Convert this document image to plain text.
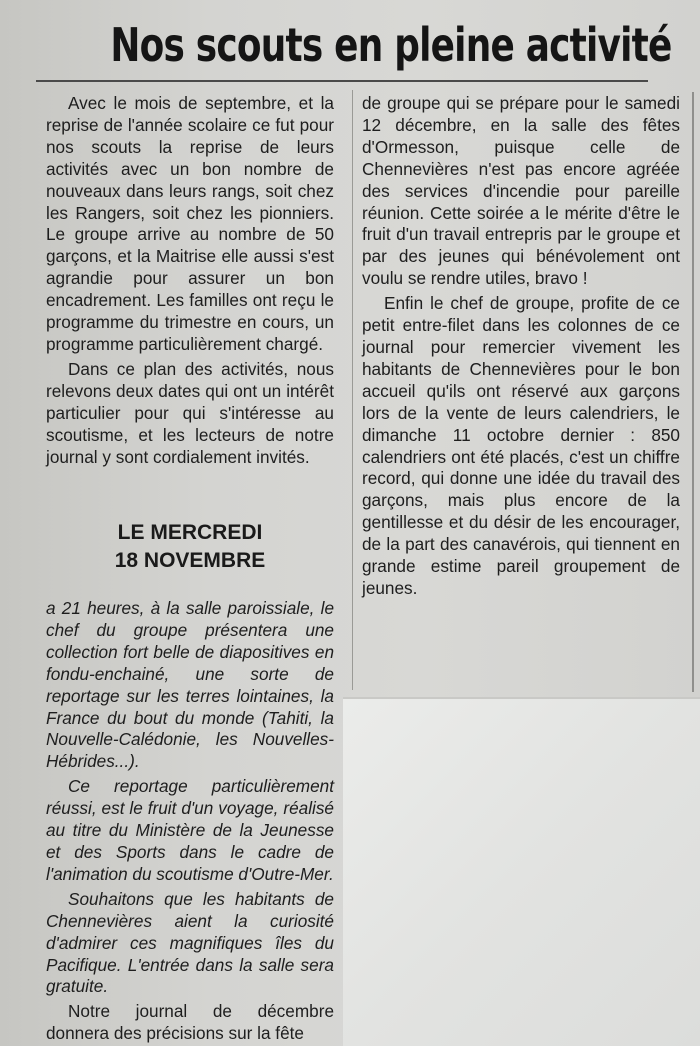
Nos scouts en pleine activité

Avec le mois de septembre, et la reprise de l'année scolaire ce fut pour nos scouts la reprise de leurs activités avec un bon nombre de nouveaux dans leurs rangs, soit chez les Rangers, soit chez les pionniers. Le groupe arrive au nombre de 50 garçons, et la Maitrise elle aussi s'est agrandie pour assurer un bon encadrement. Les familles ont reçu le programme du trimestre en cours, un programme particulièrement chargé.

Dans ce plan des activités, nous relevons deux dates qui ont un intérêt particulier pour qui s'intéresse au scoutisme, et les lecteurs de notre journal y sont cordialement invités.

LE MERCREDI
18 NOVEMBRE

a 21 heures, à la salle paroissiale, le chef du groupe présentera une collection fort belle de diapositives en fondu-enchainé, une sorte de reportage sur les terres lointaines, la France du bout du monde (Tahiti, la Nouvelle-Calédonie, les Nouvelles-Hébrides...).

Ce reportage particulièrement réussi, est le fruit d'un voyage, réalisé au titre du Ministère de la Jeunesse et des Sports dans le cadre de l'animation du scoutisme d'Outre-Mer.

Souhaitons que les habitants de Chennevières aient la curiosité d'admirer ces magnifiques îles du Pacifique. L'entrée dans la salle sera gratuite.

Notre journal de décembre donnera des précisions sur la fête

de groupe qui se prépare pour le samedi 12 décembre, en la salle des fêtes d'Ormesson, puisque celle de Chennevières n'est pas encore agréée des services d'incendie pour pareille réunion. Cette soirée a le mérite d'être le fruit d'un travail entrepris par le groupe et par des jeunes qui bénévolement ont voulu se rendre utiles, bravo !

Enfin le chef de groupe, profite de ce petit entre-filet dans les colonnes de ce journal pour remercier vivement les habitants de Chennevières pour le bon accueil qu'ils ont réservé aux garçons lors de la vente de leurs calendriers, le dimanche 11 octobre dernier : 850 calendriers ont été placés, c'est un chiffre record, qui donne une idée du travail des garçons, mais plus encore de la gentillesse et du désir de les encourager, de la part des canavérois, qui tiennent en grande estime pareil groupement de jeunes.
